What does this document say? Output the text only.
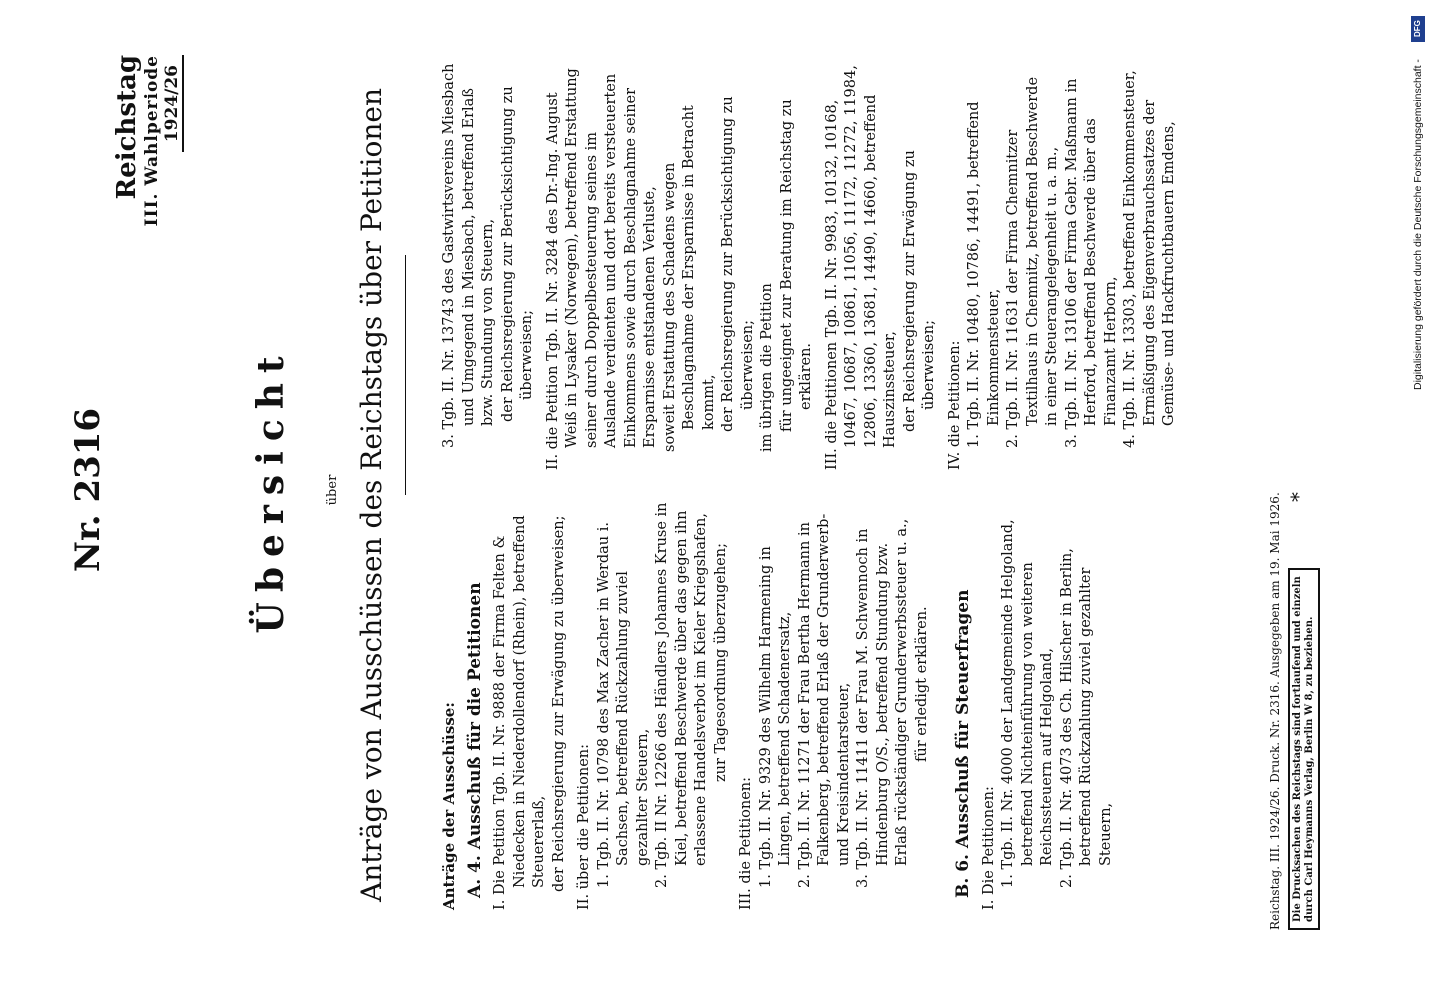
Nr. 2316
Reichstag III. Wahlperiode 1924/26
Übersicht	über Anträge von Ausschüssen des Reichstags über Petitionen	Anträge der Ausschüsse: A. 4. Ausschuß für die Petitionen I. Die Petition Tgb. II. Nr. 9888 der Firma Felten & Niedecken in Niederdollendorf (Rhein), betreffend Steuererlaß, der Reichsregierung zur Erwägung zu überweisen; II. über die Petitionen: 1. Tgb. II. Nr. 10798 des Max Zacher in Werdau i. Sachsen, betreffend Rückzahlung zuviel gezahlter Steuern, 2. Tgb. II Nr. 12266 des Händlers Johannes Kruse in Kiel, betreffend Beschwerde über das gegen ihn erlassene Handelsverbot im Kieler Kriegshafen, zur Tagesordnung überzugehen;

III. die Petitionen: 1. Tgb. II. Nr. 9329 des Wilhelm Harmening in Lingen, betreffend Schadenersatz, 2. Tgb. II. Nr. 11271 der Frau Bertha Hermann in Falkenberg, betreffend Erlaß der Grunderwerb- und Kreisindentarsteuer, 3. Tgb. II. Nr. 11411 der Frau M. Schwennoch in Hindenburg O/S., betreffend Stundung bzw. Erlaß rückständiger Grunderwerbssteuer u. a., für erledigt erklären. B. 6. Ausschuß für Steuerfragen I. Die Petitionen: 1. Tgb. II. Nr. 4000 der Landgemeinde Helgoland, betreffend Nichteinführung von weiteren Reichssteuern auf Helgoland, 2. Tgb. II. Nr. 4073 des Ch. Hilscher in Berlin, betreffend Rückzahlung zuviel gezahlter Steuern,

3. Tgb. II. Nr. 13743 des Gastwirtsvereins Miesbach und Umgegend in Miesbach, betreffend Erlaß bzw. Stundung von Steuern, der Reichsregierung zur Berücksichtigung zu überweisen; II. die Petition Tgb. II. Nr. 3284 des Dr.-Ing. August Weiß in Lysaker (Norwegen), betreffend Erstattung seiner durch Doppelbesteuerung seines im Auslande verdienten und dort bereits versteuerten Einkommens sowie durch Beschlagnahme seiner Ersparnisse entstandenen Verluste, soweit Erstattung des Schadens wegen Beschlagnahme der Ersparnisse in Betracht kommt, der Reichsregierung zur Berücksichtigung zu überweisen; im übrigen die Petition für ungeeignet zur Beratung im Reichstag zu erklären. III. die Petitionen Tgb. II. Nr. 9983, 10132, 10168, 10467, 10687, 10861, 11056, 11172, 11272, 11984, 12806, 13360, 13681, 14490, 14660, betreffend Hauszinssteuer, der Reichsregierung zur Erwägung zu überweisen; IV. die Petitionen: 1. Tgb. II. Nr. 10480, 10786, 14491, betreffend Einkommensteuer, 2. Tgb. II. Nr. 11631 der Firma Chemnitzer Textilhaus in Chemnitz, betreffend Beschwerde in einer Steuerangelegenheit u. a. m., 3. Tgb. II. Nr. 13106 der Firma Gebr. Maßmann in Herford, betreffend Beschwerde über das Finanzamt Herborn, 4. Tgb. II. Nr. 13303, betreffend Einkommensteuer, Ermäßigung des Eigenverbrauchssatzes der Gemüse- und Hackfruchtbauern Emdens,

Reichstag. III. 1924/26. Druck. Nr. 2316. Ausgegeben am 19. Mai 1926. Die Drucksachen des Reichstags sind fortlaufend und einzeln durch Carl Heymanns Verlag, Berlin W 8, zu beziehen.
*
DFG
Digitalisierung gefördert durch die Deutsche Forschungsgemeinschaft -
